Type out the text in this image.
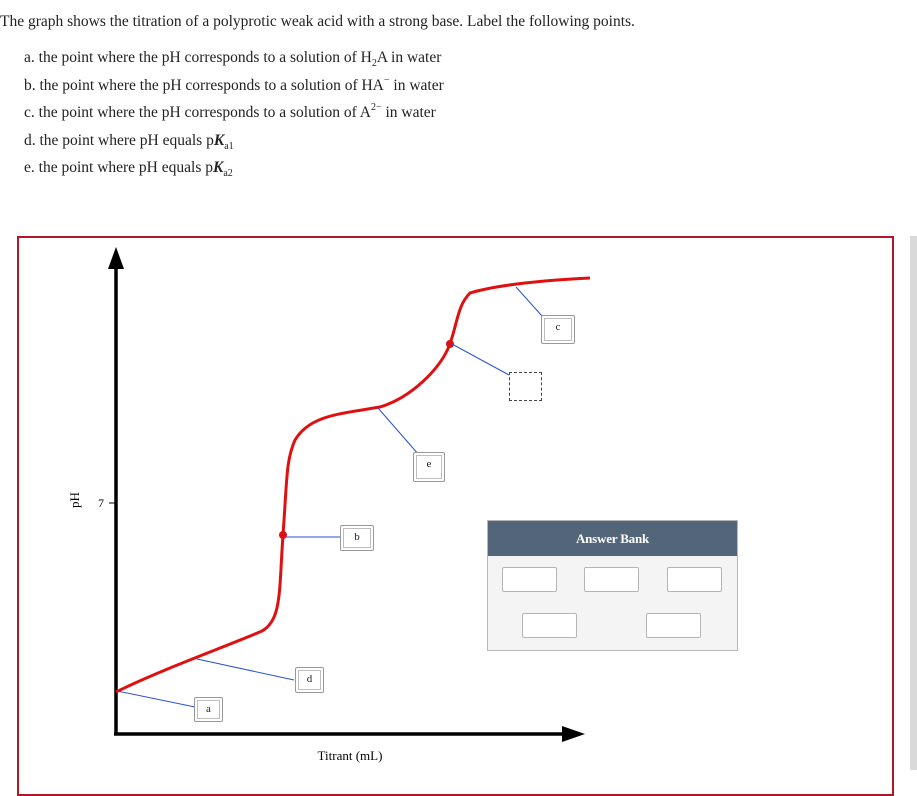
The graph shows the titration of a polyprotic weak acid with a strong base. Label the following points.
a. the point where the pH corresponds to a solution of $H_2A$ in water
b. the point where the pH corresponds to a solution of HA− in water
c. the point where the pH corresponds to a solution of $A^{2-}$ in water
d. the point where pH equals $pK_{a1}$
e. the point where pH equals $pK_{a2}$
7
pH
Titrant (mL)
a
d
b
e
c
Answer Bank
